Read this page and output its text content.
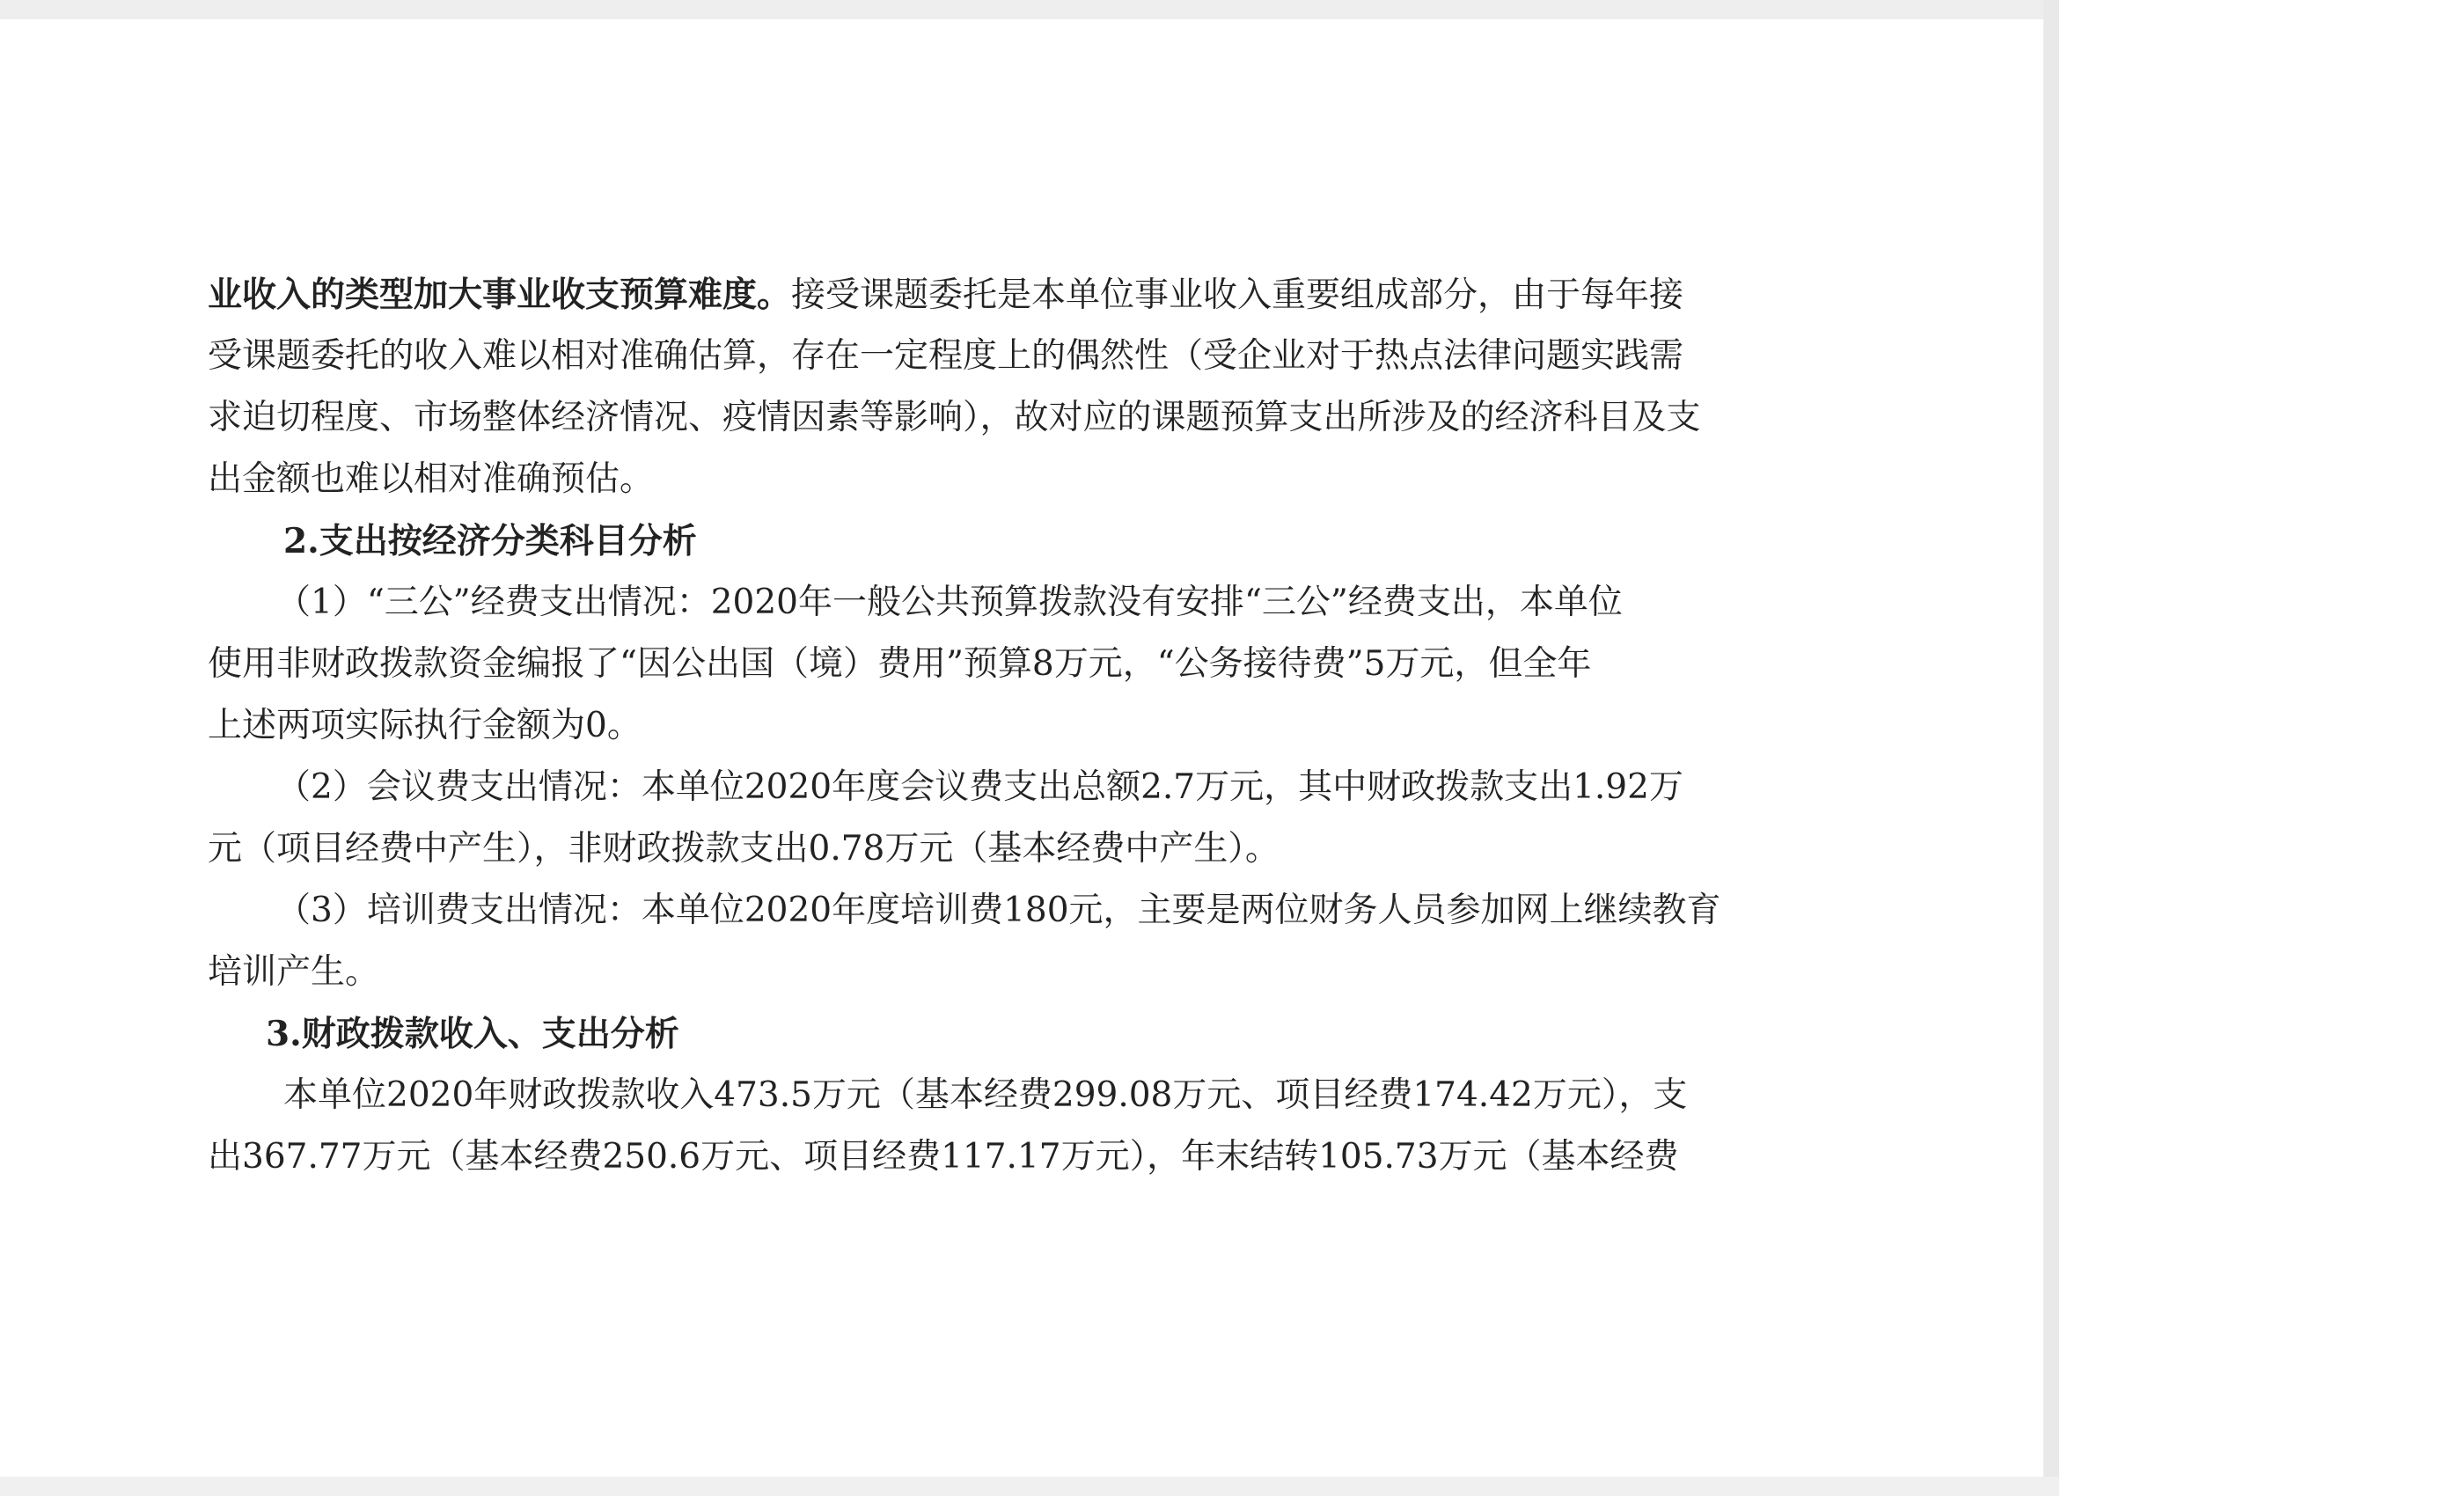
业收入的类型加大事业收支预算难度。接受课题委托是本单位事业收入重要组成部分，由于每年接
受课题委托的收入难以相对准确估算，存在一定程度上的偶然性（受企业对于热点法律问题实践需
求迫切程度、市场整体经济情况、疫情因素等影响），故对应的课题预算支出所涉及的经济科目及支
出金额也难以相对准确预估。
2.支出按经济分类科目分析
（1）“三公”经费支出情况：2020年一般公共预算拨款没有安排“三公”经费支出，本单位
使用非财政拨款资金编报了“因公出国（境）费用”预算8万元，“公务接待费”5万元，但全年
上述两项实际执行金额为0。
（2）会议费支出情况：本单位2020年度会议费支出总额2.7万元，其中财政拨款支出1.92万
元（项目经费中产生），非财政拨款支出0.78万元（基本经费中产生）。
（3）培训费支出情况：本单位2020年度培训费180元，主要是两位财务人员参加网上继续教育
培训产生。
3.财政拨款收入、支出分析
本单位2020年财政拨款收入473.5万元（基本经费299.08万元、项目经费174.42万元），支
出367.77万元（基本经费250.6万元、项目经费117.17万元），年末结转105.73万元（基本经费
